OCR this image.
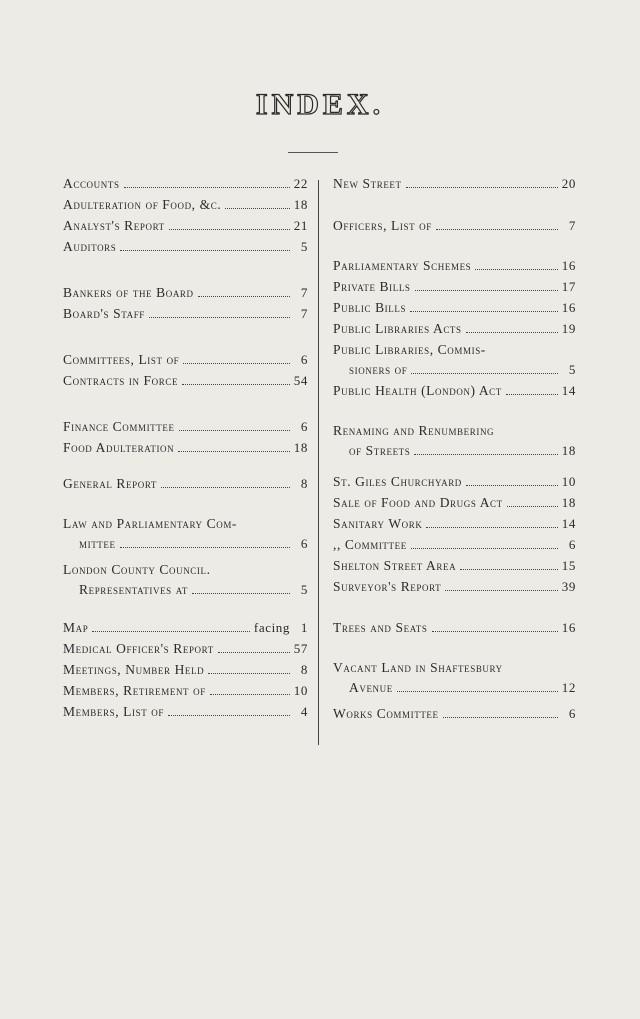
INDEX.
Accounts	22
Adulteration of Food, &c.	18
Analyst's Report	21
Auditors	5
Bankers of the Board	7
Board's Staff	7
Committees, List of	6
Contracts in Force	54
Finance Committee	6
Food Adulteration	18
General Report	8
Law and Parliamentary Com-
mittee	6
London County Council.
Representatives at	5
Map	facing 1
Medical Officer's Report	57
Meetings, Number Held	8
Members, Retirement of	10
Members, List of	4
New Street	20
Officers, List of	7
Parliamentary Schemes	16
Private Bills	17
Public Bills	16
Public Libraries Acts	19
Public Libraries, Commis-
sioners of	5
Public Health (London) Act	14
Renaming and Renumbering
of Streets	18
St. Giles Churchyard	10
Sale of Food and Drugs Act	18
Sanitary Work	14
,, Committee	6
Shelton Street Area	15
Surveyor's Report	39
Trees and Seats	16
Vacant Land in Shaftesbury
Avenue	12
Works Committee	6
